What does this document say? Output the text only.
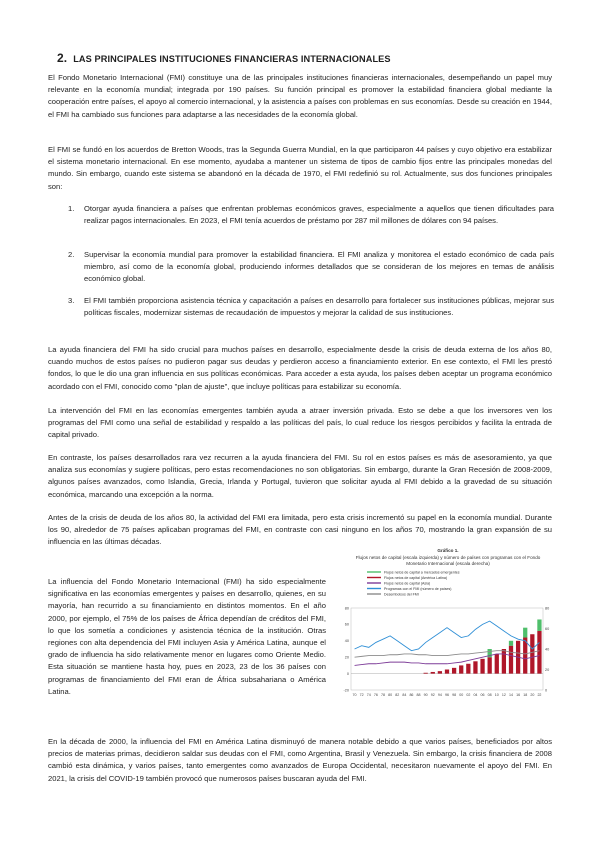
2. LAS PRINCIPALES INSTITUCIONES FINANCIERAS INTERNACIONALES

El Fondo Monetario Internacional (FMI) constituye una de las principales instituciones financieras internacionales, desempeñando un papel muy relevante en la economía mundial; integrada por 190 países. Su función principal es promover la estabilidad financiera global mediante la cooperación entre países, el apoyo al comercio internacional, y la asistencia a países con problemas en sus economías. Desde su creación en 1944, el FMI ha cambiado sus funciones para adaptarse a las necesidades de la economía global.

El FMI se fundó en los acuerdos de Bretton Woods, tras la Segunda Guerra Mundial, en la que participaron 44 países y cuyo objetivo era estabilizar el sistema monetario internacional. En ese momento, ayudaba a mantener un sistema de tipos de cambio fijos entre las principales monedas del mundo. Sin embargo, cuando este sistema se abandonó en la década de 1970, el FMI redefinió su rol. Actualmente, sus dos funciones principales son:

1. Otorgar ayuda financiera a países que enfrentan problemas económicos graves, especialmente a aquellos que tienen dificultades para realizar pagos internacionales. En 2023, el FMI tenía acuerdos de préstamo por 287 mil millones de dólares con 94 países.

2. Supervisar la economía mundial para promover la estabilidad financiera. El FMI analiza y monitorea el estado económico de cada país miembro, así como de la economía global, produciendo informes detallados que se consideran de los mejores en temas de análisis económico global.

3. El FMI también proporciona asistencia técnica y capacitación a países en desarrollo para fortalecer sus instituciones públicas, mejorar sus políticas fiscales, modernizar sistemas de recaudación de impuestos y mejorar la calidad de sus instituciones.

La ayuda financiera del FMI ha sido crucial para muchos países en desarrollo, especialmente desde la crisis de deuda externa de los años 80, cuando muchos de estos países no pudieron pagar sus deudas y perdieron acceso a financiamiento exterior. En ese contexto, el FMI les prestó fondos, lo que le dio una gran influencia en sus políticas económicas. Para acceder a esta ayuda, los países deben aceptar un programa económico acordado con el FMI, conocido como "plan de ajuste", que incluye políticas para estabilizar su economía.

La intervención del FMI en las economías emergentes también ayuda a atraer inversión privada. Esto se debe a que los inversores ven los programas del FMI como una señal de estabilidad y respaldo a las políticas del país, lo cual reduce los riesgos percibidos y facilita la entrada de capital privado.

En contraste, los países desarrollados rara vez recurren a la ayuda financiera del FMI. Su rol en estos países es más de asesoramiento, ya que analiza sus economías y sugiere políticas, pero estas recomendaciones no son obligatorias. Sin embargo, durante la Gran Recesión de 2008-2009, algunos países avanzados, como Islandia, Grecia, Irlanda y Portugal, tuvieron que solicitar ayuda al FMI debido a la gravedad de su situación económica, marcando una excepción a la norma.

Antes de la crisis de deuda de los años 80, la actividad del FMI era limitada, pero esta crisis incrementó su papel en la economía mundial. Durante los 90, alrededor de 75 países aplicaban programas del FMI, en contraste con casi ninguno en los años 70, mostrando la gran expansión de su influencia en las últimas décadas.

La influencia del Fondo Monetario Internacional (FMI) ha sido especialmente significativa en las economías emergentes y países en desarrollo, quienes, en su mayoría, han recurrido a su financiamiento en distintos momentos. En el año 2000, por ejemplo, el 75% de los países de África dependían de créditos del FMI, lo que los sometía a condiciones y asistencia técnica de la institución. Otras regiones con alta dependencia del FMI incluyen Asia y América Latina, aunque el grado de influencia ha sido relativamente menor en lugares como Oriente Medio. Esta situación se mantiene hasta hoy, pues en 2023, 23 de los 36 países con programas de financiamiento del FMI eran de África subsahariana o América Latina.

Gráfico 1.
Flujos netos de capital (escala izquierda) y número de países con programas con el Fondo
Monetario Internacional (escala derecha)
Flujos netos de capital a mercados emergentes
Flujos netos de capital (América Latina)
Flujos netos de capital (Asia)
Programas con el FMI (número de países)
Desembolsos del FMI
80
60
40
20
0
-20
80
60
40
20
0
70 72 74 76 78 80 82 84 86 88 90 92 94 96 98 00 02 04 06 08 10 12 14 16 18 20 22

En la década de 2000, la influencia del FMI en América Latina disminuyó de manera notable debido a que varios países, beneficiados por altos precios de materias primas, decidieron saldar sus deudas con el FMI, como Argentina, Brasil y Venezuela. Sin embargo, la crisis financiera de 2008 cambió esta dinámica, y varios países, tanto emergentes como avanzados de Europa Occidental, necesitaron nuevamente el apoyo del FMI. En 2021, la crisis del COVID-19 también provocó que numerosos países buscaran ayuda del FMI.
